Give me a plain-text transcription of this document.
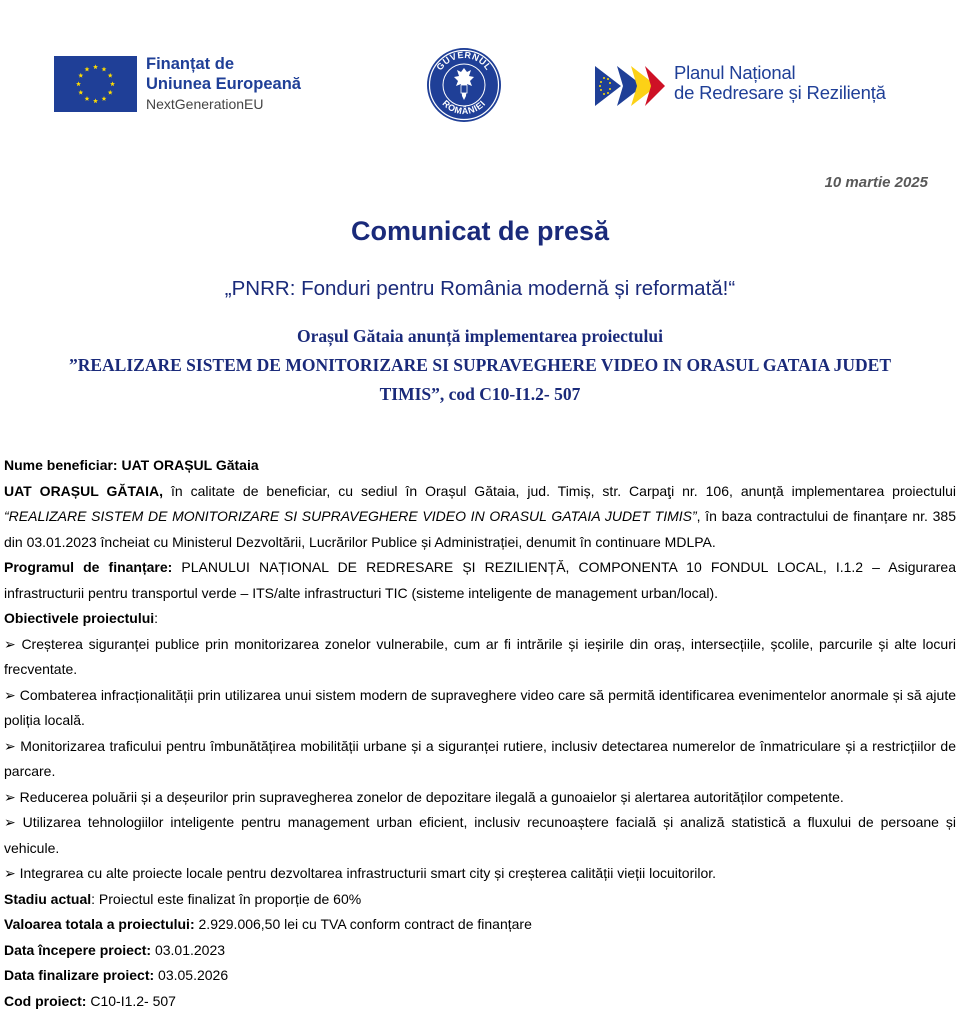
Finanțat de
Uniunea Europeană
NextGenerationEU
GUVERNUL
ROMÂNIEI
Planul Național
de Redresare și Reziliență
10 martie 2025
Comunicat de presă
„PNRR: Fonduri pentru România modernă și reformată!“
Orașul Gătaia anunță implementarea proiectului
”REALIZARE SISTEM DE MONITORIZARE SI SUPRAVEGHERE VIDEO IN ORASUL GATAIA JUDET
TIMIS”, cod C10-I1.2- 507

Nume beneficiar: UAT ORAȘUL Gătaia

UAT ORAȘUL GĂTAIA, în calitate de beneficiar, cu sediul în Orașul Gătaia, jud. Timiș, str. Carpaţi nr. 106, anunță implementarea proiectului “REALIZARE SISTEM DE MONITORIZARE SI SUPRAVEGHERE VIDEO IN ORASUL GATAIA JUDET TIMIS”, în baza contractului de finanțare nr. 385 din 03.01.2023 încheiat cu Ministerul Dezvoltării, Lucrărilor Publice și Administrației, denumit în continuare MDLPA.

Programul de finanțare: PLANULUI NAȚIONAL DE REDRESARE ȘI REZILIENȚĂ, COMPONENTA 10 FONDUL LOCAL, I.1.2 – Asigurarea infrastructurii pentru transportul verde – ITS/alte infrastructuri TIC (sisteme inteligente de management urban/local).

Obiectivele proiectului:

➢ Creșterea siguranței publice prin monitorizarea zonelor vulnerabile, cum ar fi intrările și ieșirile din oraș, intersecțiile, școlile, parcurile și alte locuri frecventate.

➢ Combaterea infracționalității prin utilizarea unui sistem modern de supraveghere video care să permită identificarea evenimentelor anormale și să ajute poliția locală.

➢ Monitorizarea traficului pentru îmbunătățirea mobilității urbane și a siguranței rutiere, inclusiv detectarea numerelor de înmatriculare și a restricțiilor de parcare.

➢ Reducerea poluării și a deșeurilor prin supravegherea zonelor de depozitare ilegală a gunoaielor și alertarea autorităților competente.

➢ Utilizarea tehnologiilor inteligente pentru management urban eficient, inclusiv recunoaștere facială și analiză statistică a fluxului de persoane și vehicule.

➢ Integrarea cu alte proiecte locale pentru dezvoltarea infrastructurii smart city și creșterea calității vieții locuitorilor.

Stadiu actual: Proiectul este finalizat în proporție de 60%

Valoarea totala a proiectului: 2.929.006,50 lei cu TVA conform contract de finanțare

Data începere proiect: 03.01.2023

Data finalizare proiect: 03.05.2026

Cod proiect: C10-I1.2- 507
